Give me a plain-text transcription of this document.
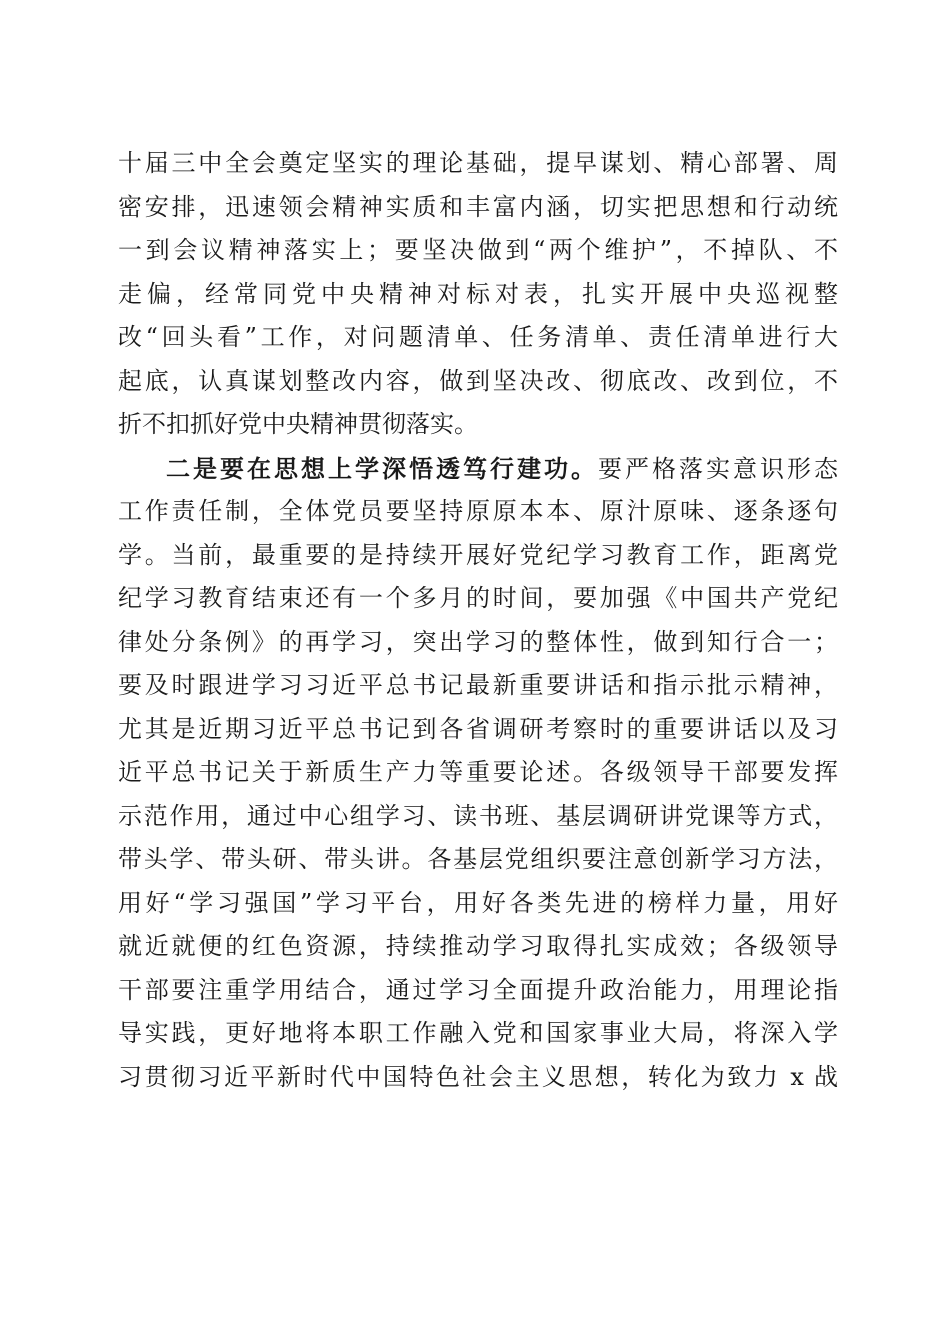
十届三中全会奠定坚实的理论基础，提早谋划、精心部署、周
密安排，迅速领会精神实质和丰富内涵，切实把思想和行动统
一到会议精神落实上；要坚决做到“两个维护”，不掉队、不
走偏，经常同党中央精神对标对表，扎实开展中央巡视整
改“回头看”工作，对问题清单、任务清单、责任清单进行大
起底，认真谋划整改内容，做到坚决改、彻底改、改到位，不
折不扣抓好党中央精神贯彻落实。
二是要在思想上学深悟透笃行建功。要严格落实意识形态
工作责任制，全体党员要坚持原原本本、原汁原味、逐条逐句
学。当前，最重要的是持续开展好党纪学习教育工作，距离党
纪学习教育结束还有一个多月的时间，要加强《中国共产党纪
律处分条例》的再学习，突出学习的整体性，做到知行合一；
要及时跟进学习习近平总书记最新重要讲话和指示批示精神，
尤其是近期习近平总书记到各省调研考察时的重要讲话以及习
近平总书记关于新质生产力等重要论述。各级领导干部要发挥
示范作用，通过中心组学习、读书班、基层调研讲党课等方式，
带头学、带头研、带头讲。各基层党组织要注意创新学习方法，
用好“学习强国”学习平台，用好各类先进的榜样力量，用好
就近就便的红色资源，持续推动学习取得扎实成效；各级领导
干部要注重学用结合，通过学习全面提升政治能力，用理论指
导实践，更好地将本职工作融入党和国家事业大局，将深入学
习贯彻习近平新时代中国特色社会主义思想，转化为致力 x 战
